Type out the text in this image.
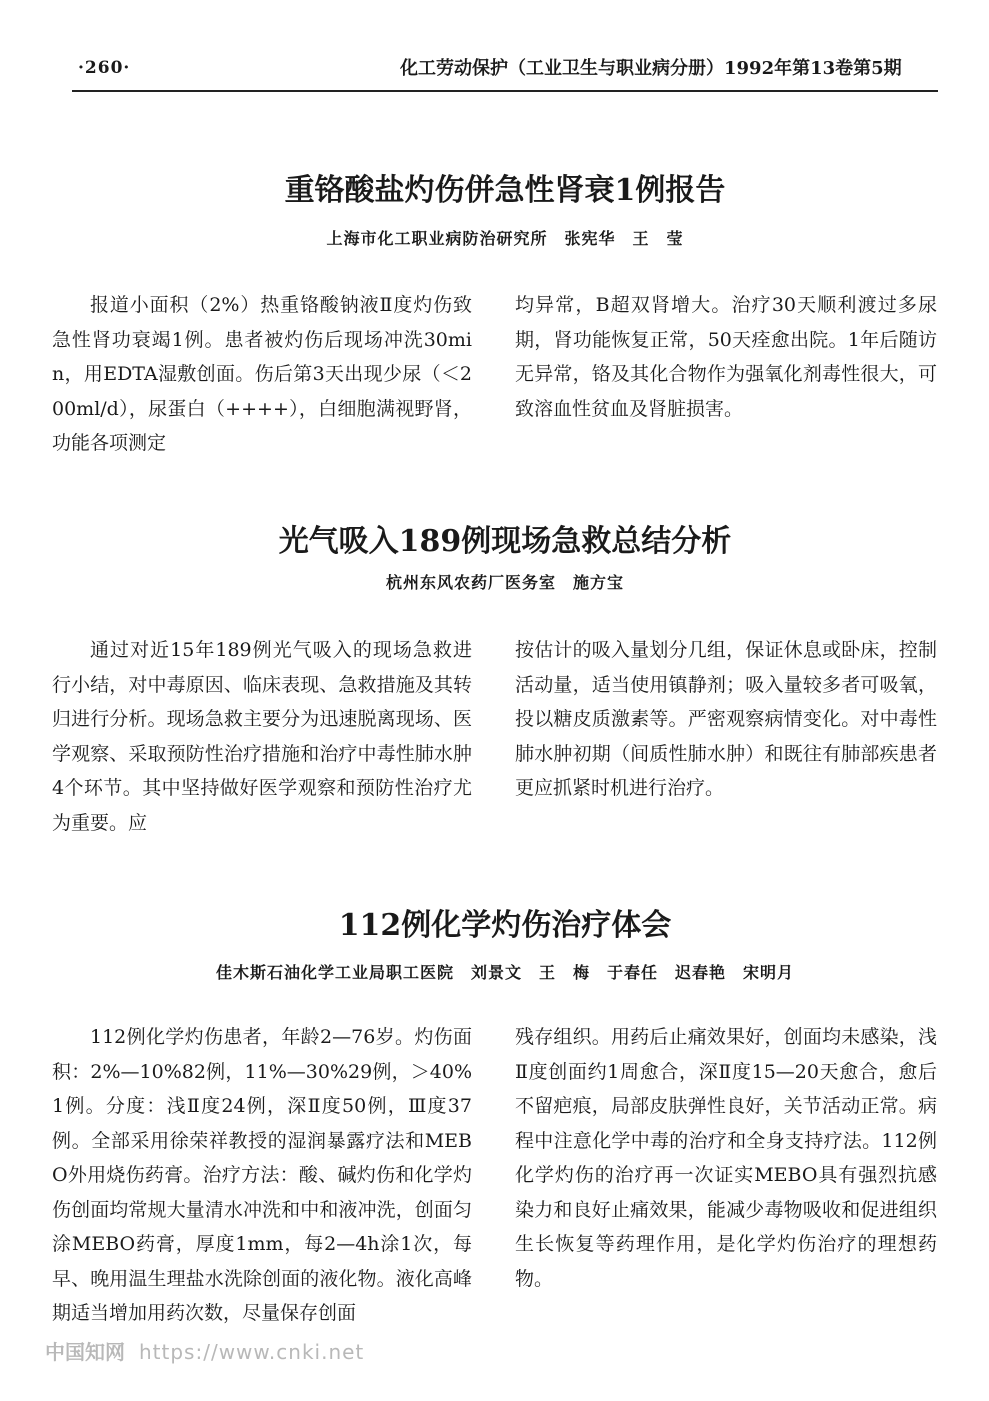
·260·	化工劳动保护（工业卫生与职业病分册）1992年第13卷第5期
重铬酸盐灼伤併急性肾衰1例报告
上海市化工职业病防治研究所　张宪华　王　莹

报道小面积（2%）热重铬酸钠液Ⅱ度灼伤致急性肾功衰竭1例。患者被灼伤后现场冲洗30min，用EDTA湿敷创面。伤后第3天出现少尿（＜200ml/d），尿蛋白（++++），白细胞满视野肾，功能各项测定

均异常，B超双肾增大。治疗30天顺利渡过多尿期，肾功能恢复正常，50天痊愈出院。1年后随访无异常，铬及其化合物作为强氧化剂毒性很大，可致溶血性贫血及肾脏损害。

光气吸入189例现场急救总结分析
杭州东风农药厂医务室　施方宝

通过对近15年189例光气吸入的现场急救进行小结，对中毒原因、临床表现、急救措施及其转归进行分析。现场急救主要分为迅速脱离现场、医学观察、采取预防性治疗措施和治疗中毒性肺水肿4个环节。其中坚持做好医学观察和预防性治疗尤为重要。应

按估计的吸入量划分几组，保证休息或卧床，控制活动量，适当使用镇静剂；吸入量较多者可吸氧，投以糖皮质激素等。严密观察病情变化。对中毒性肺水肿初期（间质性肺水肿）和既往有肺部疾患者更应抓紧时机进行治疗。

112例化学灼伤治疗体会
佳木斯石油化学工业局职工医院　刘景文　王　梅　于春任　迟春艳　宋明月

112例化学灼伤患者，年龄2—76岁。灼伤面积：2%—10%82例，11%—30%29例，＞40%1例。分度：浅Ⅱ度24例，深Ⅱ度50例，Ⅲ度37例。全部采用徐荣祥教授的湿润暴露疗法和MEBO外用烧伤药膏。治疗方法：酸、碱灼伤和化学灼伤创面均常规大量清水冲洗和中和液冲洗，创面匀涂MEBO药膏，厚度1mm，每2—4h涂1次，每早、晚用温生理盐水洗除创面的液化物。液化高峰期适当增加用药次数，尽量保存创面

残存组织。用药后止痛效果好，创面均未感染，浅Ⅱ度创面约1周愈合，深Ⅱ度15—20天愈合，愈后不留疤痕，局部皮肤弹性良好，关节活动正常。病程中注意化学中毒的治疗和全身支持疗法。112例化学灼伤的治疗再一次证实MEBO具有强烈抗感染力和良好止痛效果，能减少毒物吸收和促进组织生长恢复等药理作用，是化学灼伤治疗的理想药物。

中国知网 https://www.cnki.net
